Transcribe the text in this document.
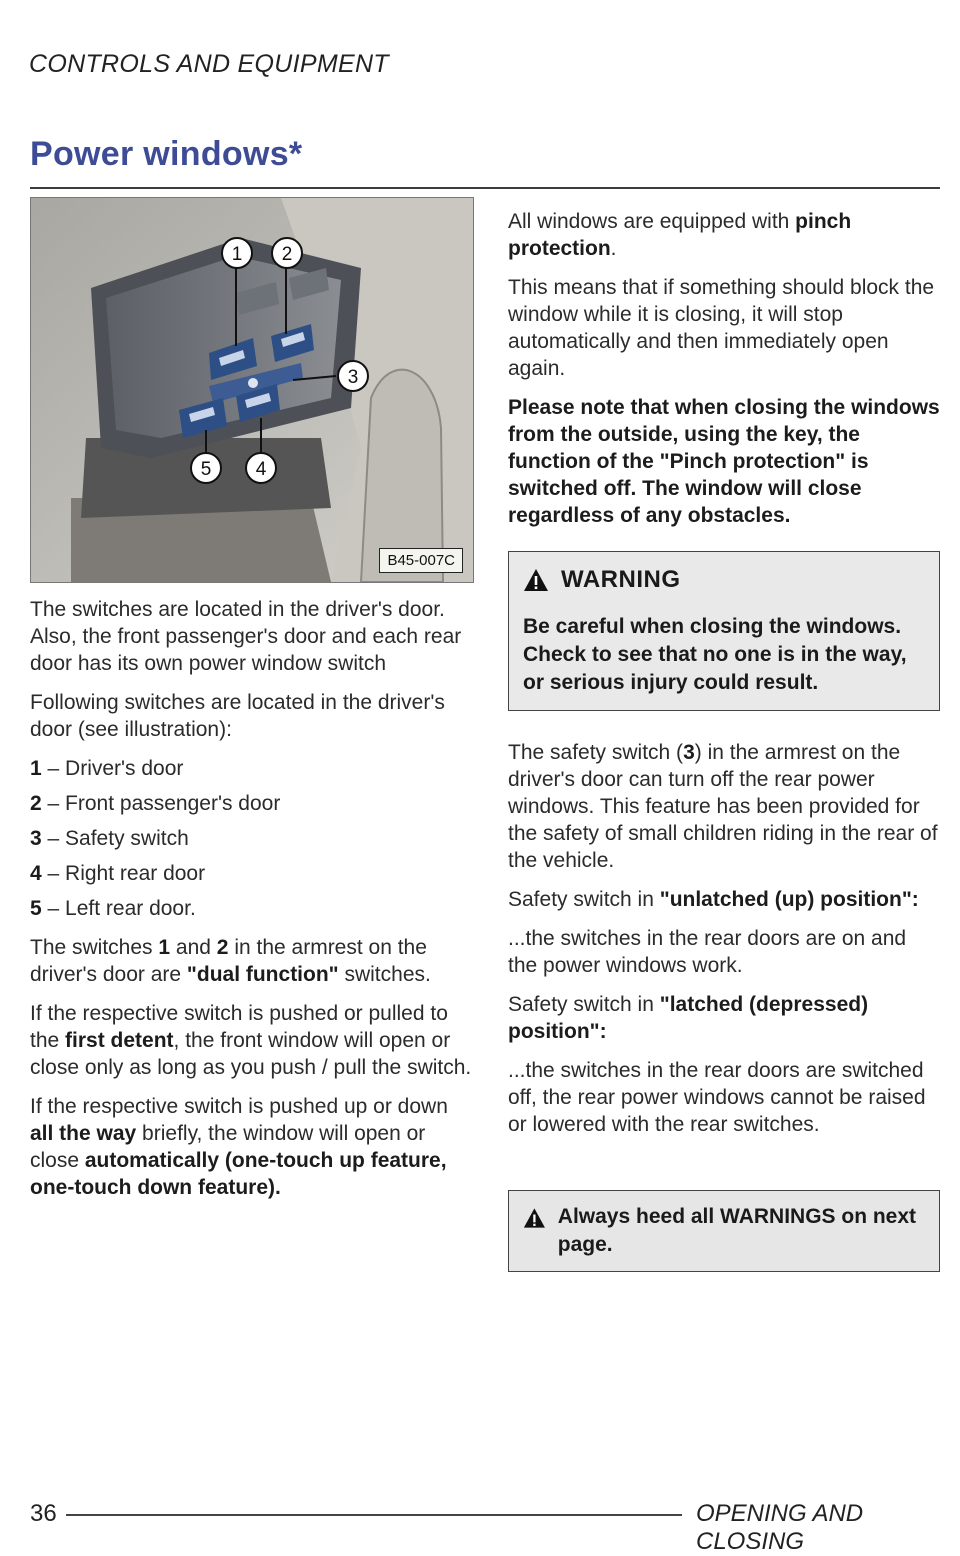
CONTROLS AND EQUIPMENT
Power windows*
1 2
3
4
5
B45-007C

The switches are located in the driver's door. Also, the front passenger's door and each rear door has its own power window switch

Following switches are located in the driver's door (see illustration):

1 – Driver's door
2 – Front passenger's door
3 – Safety switch
4 – Right rear door
5 – Left rear door.

The switches 1 and 2 in the armrest on the driver's door are "dual function" switches.

If the respective switch is pushed or pulled to the first detent, the front window will open or close only as long as you push / pull the switch.

If the respective switch is pushed up or down all the way briefly, the window will open or close automatically (one-touch up feature, one-touch down feature).

All windows are equipped with pinch protection.

This means that if something should block the window while it is closing, it will stop automatically and then immediately open again.

Please note that when closing the windows from the outside, using the key, the function of the "Pinch protection" is switched off. The window will close regardless of any obstacles.

WARNING
Be careful when closing the windows. Check to see that no one is in the way, or serious injury could result.

The safety switch (3) in the armrest on the driver's door can turn off the rear power windows. This feature has been provided for the safety of small children riding in the rear of the vehicle.

Safety switch in "unlatched (up) position":

...the switches in the rear doors are on and the power windows work.

Safety switch in "latched (depressed) position":

...the switches in the rear doors are switched off, the rear power windows cannot be raised or lowered with the rear switches.

Always heed all WARNINGS on next page.
36	OPENING AND CLOSING
